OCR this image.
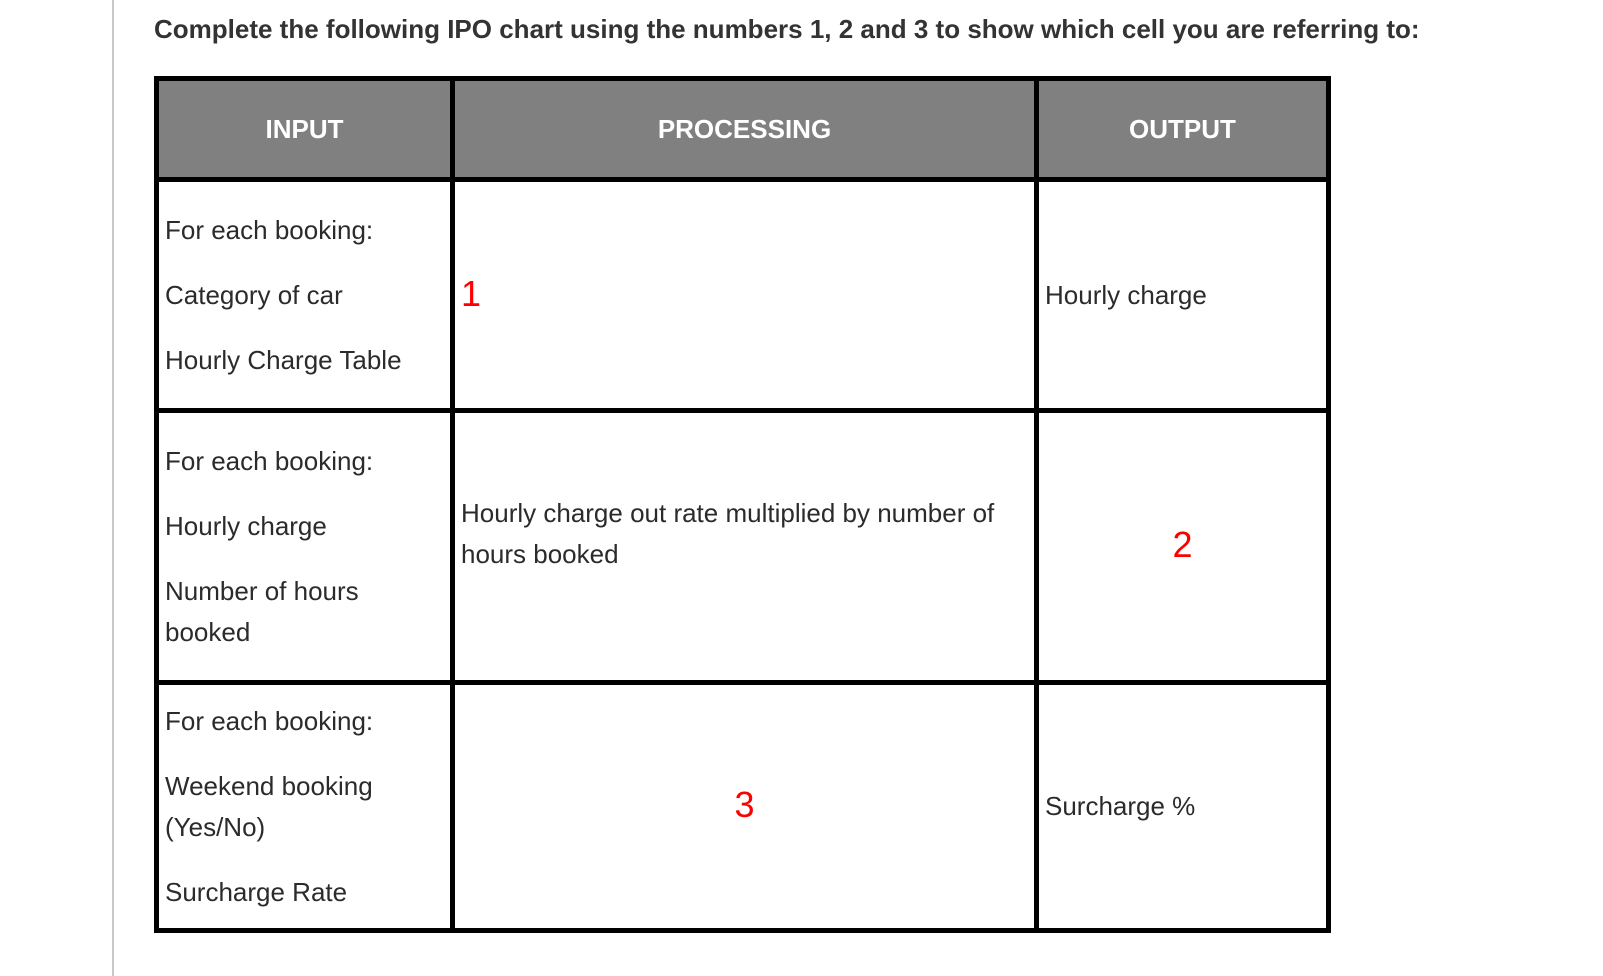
Complete the following IPO chart using the numbers 1, 2 and 3 to show which cell you are referring to:

INPUT	PROCESSING	OUTPUT

For each booking:

Category of car

Hourly Charge Table	1	Hourly charge

For each booking:

Hourly charge

Number of hours booked	Hourly charge out rate multiplied by number of hours booked	2

For each booking:

Weekend booking (Yes/No)

Surcharge Rate	3	Surcharge %
